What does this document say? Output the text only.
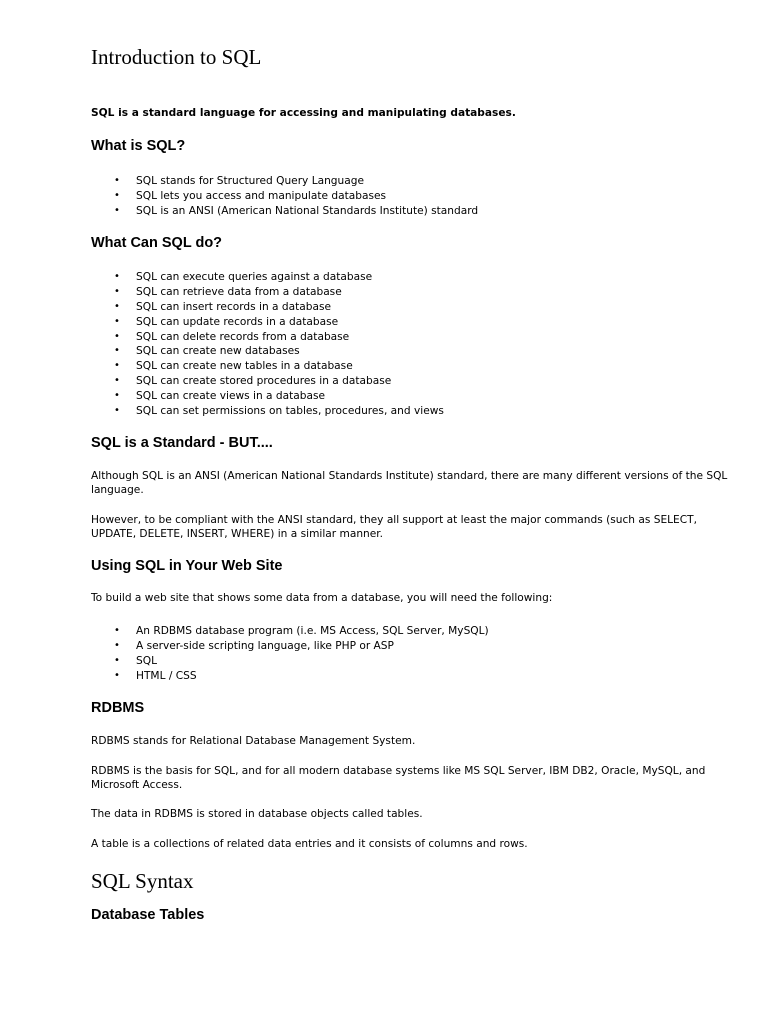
Introduction to SQL

SQL is a standard language for accessing and manipulating databases.

What is SQL?
• SQL stands for Structured Query Language
• SQL lets you access and manipulate databases
• SQL is an ANSI (American National Standards Institute) standard
What Can SQL do?
• SQL can execute queries against a database
• SQL can retrieve data from a database
• SQL can insert records in a database
• SQL can update records in a database
• SQL can delete records from a database
• SQL can create new databases
• SQL can create new tables in a database
• SQL can create stored procedures in a database
• SQL can create views in a database
• SQL can set permissions on tables, procedures, and views
SQL is a Standard - BUT....

Although SQL is an ANSI (American National Standards Institute) standard, there are many different versions of the SQL language.

However, to be compliant with the ANSI standard, they all support at least the major commands (such as SELECT, UPDATE, DELETE, INSERT, WHERE) in a similar manner.

Using SQL in Your Web Site

To build a web site that shows some data from a database, you will need the following:

• An RDBMS database program (i.e. MS Access, SQL Server, MySQL)
• A server-side scripting language, like PHP or ASP
• SQL
• HTML / CSS
RDBMS

RDBMS stands for Relational Database Management System.

RDBMS is the basis for SQL, and for all modern database systems like MS SQL Server, IBM DB2, Oracle, MySQL, and Microsoft Access.

The data in RDBMS is stored in database objects called tables.

A table is a collections of related data entries and it consists of columns and rows.

SQL Syntax
Database Tables
